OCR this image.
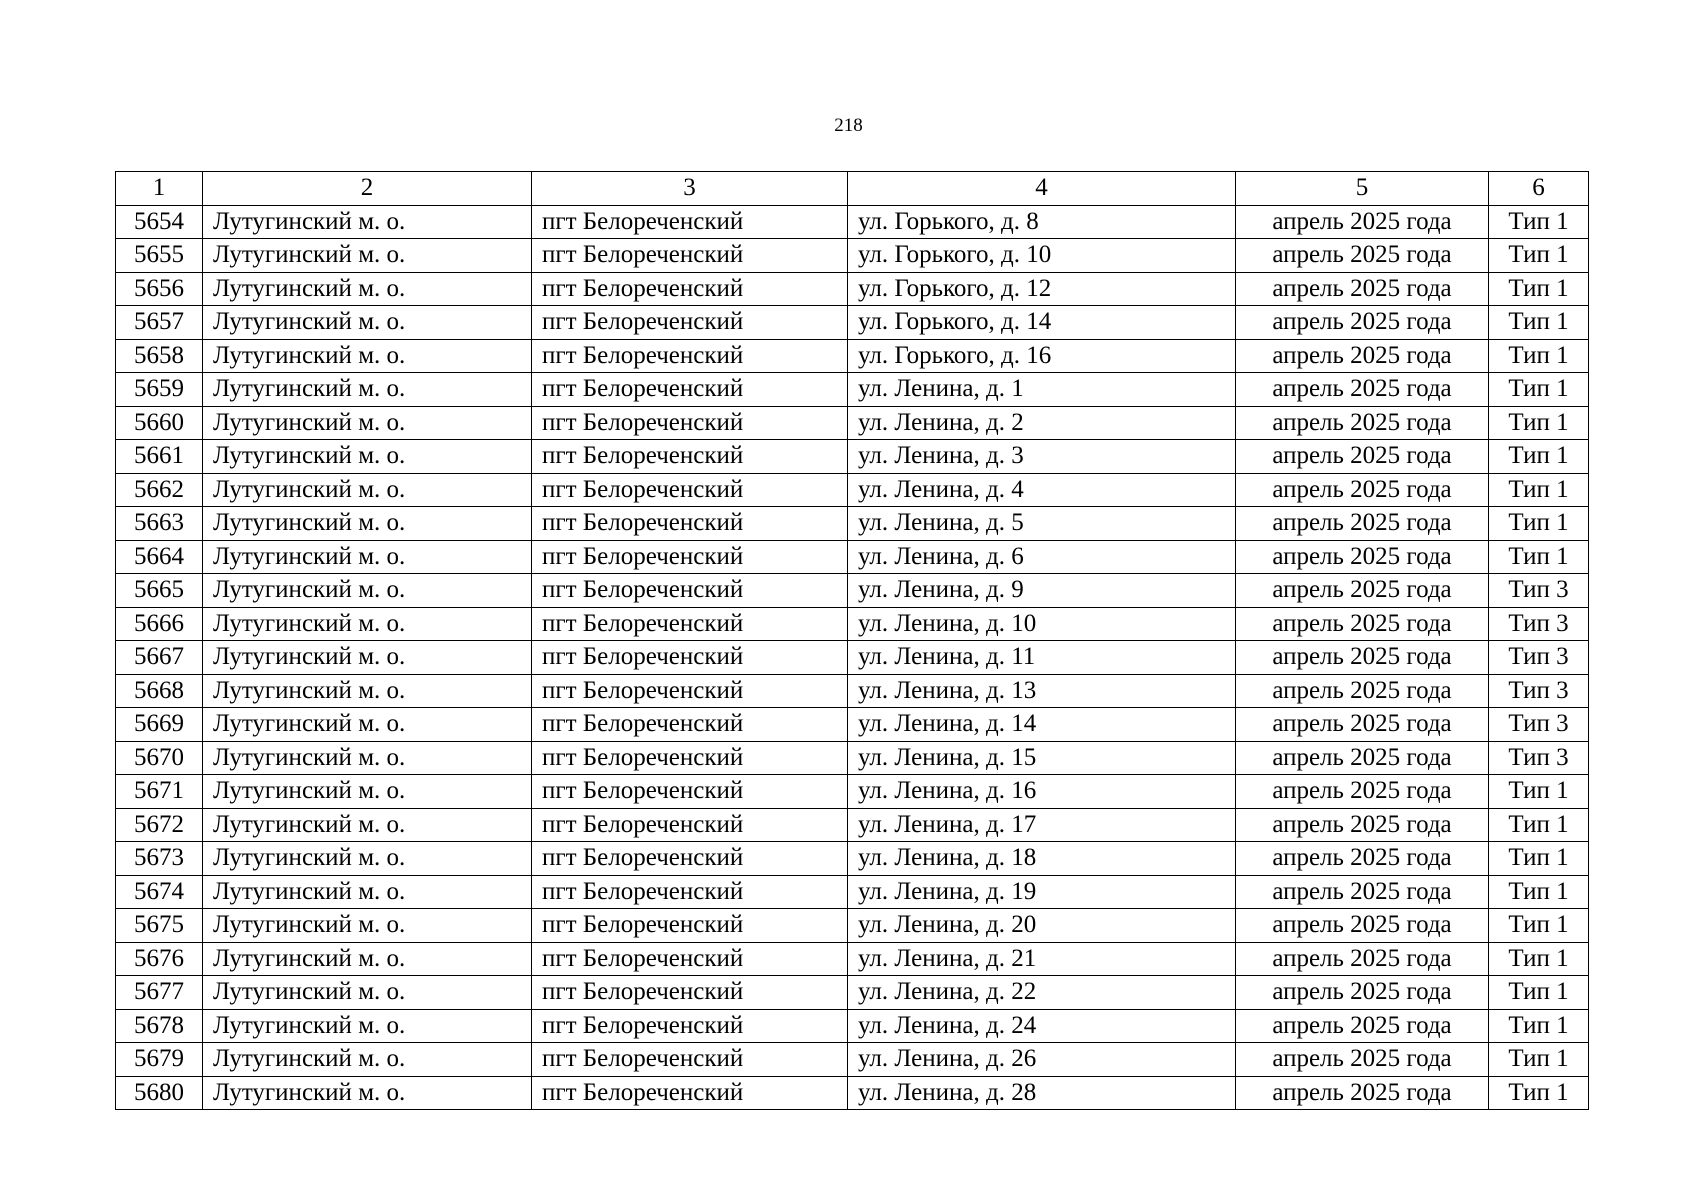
218
1	2	3	4	5	6
5654	Лутугинский м. о.	пгт Белореченский	ул. Горького, д. 8	апрель 2025 года	Тип 1
5655	Лутугинский м. о.	пгт Белореченский	ул. Горького, д. 10	апрель 2025 года	Тип 1
5656	Лутугинский м. о.	пгт Белореченский	ул. Горького, д. 12	апрель 2025 года	Тип 1
5657	Лутугинский м. о.	пгт Белореченский	ул. Горького, д. 14	апрель 2025 года	Тип 1
5658	Лутугинский м. о.	пгт Белореченский	ул. Горького, д. 16	апрель 2025 года	Тип 1
5659	Лутугинский м. о.	пгт Белореченский	ул. Ленина, д. 1	апрель 2025 года	Тип 1
5660	Лутугинский м. о.	пгт Белореченский	ул. Ленина, д. 2	апрель 2025 года	Тип 1
5661	Лутугинский м. о.	пгт Белореченский	ул. Ленина, д. 3	апрель 2025 года	Тип 1
5662	Лутугинский м. о.	пгт Белореченский	ул. Ленина, д. 4	апрель 2025 года	Тип 1
5663	Лутугинский м. о.	пгт Белореченский	ул. Ленина, д. 5	апрель 2025 года	Тип 1
5664	Лутугинский м. о.	пгт Белореченский	ул. Ленина, д. 6	апрель 2025 года	Тип 1
5665	Лутугинский м. о.	пгт Белореченский	ул. Ленина, д. 9	апрель 2025 года	Тип 3
5666	Лутугинский м. о.	пгт Белореченский	ул. Ленина, д. 10	апрель 2025 года	Тип 3
5667	Лутугинский м. о.	пгт Белореченский	ул. Ленина, д. 11	апрель 2025 года	Тип 3
5668	Лутугинский м. о.	пгт Белореченский	ул. Ленина, д. 13	апрель 2025 года	Тип 3
5669	Лутугинский м. о.	пгт Белореченский	ул. Ленина, д. 14	апрель 2025 года	Тип 3
5670	Лутугинский м. о.	пгт Белореченский	ул. Ленина, д. 15	апрель 2025 года	Тип 3
5671	Лутугинский м. о.	пгт Белореченский	ул. Ленина, д. 16	апрель 2025 года	Тип 1
5672	Лутугинский м. о.	пгт Белореченский	ул. Ленина, д. 17	апрель 2025 года	Тип 1
5673	Лутугинский м. о.	пгт Белореченский	ул. Ленина, д. 18	апрель 2025 года	Тип 1
5674	Лутугинский м. о.	пгт Белореченский	ул. Ленина, д. 19	апрель 2025 года	Тип 1
5675	Лутугинский м. о.	пгт Белореченский	ул. Ленина, д. 20	апрель 2025 года	Тип 1
5676	Лутугинский м. о.	пгт Белореченский	ул. Ленина, д. 21	апрель 2025 года	Тип 1
5677	Лутугинский м. о.	пгт Белореченский	ул. Ленина, д. 22	апрель 2025 года	Тип 1
5678	Лутугинский м. о.	пгт Белореченский	ул. Ленина, д. 24	апрель 2025 года	Тип 1
5679	Лутугинский м. о.	пгт Белореченский	ул. Ленина, д. 26	апрель 2025 года	Тип 1
5680	Лутугинский м. о.	пгт Белореченский	ул. Ленина, д. 28	апрель 2025 года	Тип 1
